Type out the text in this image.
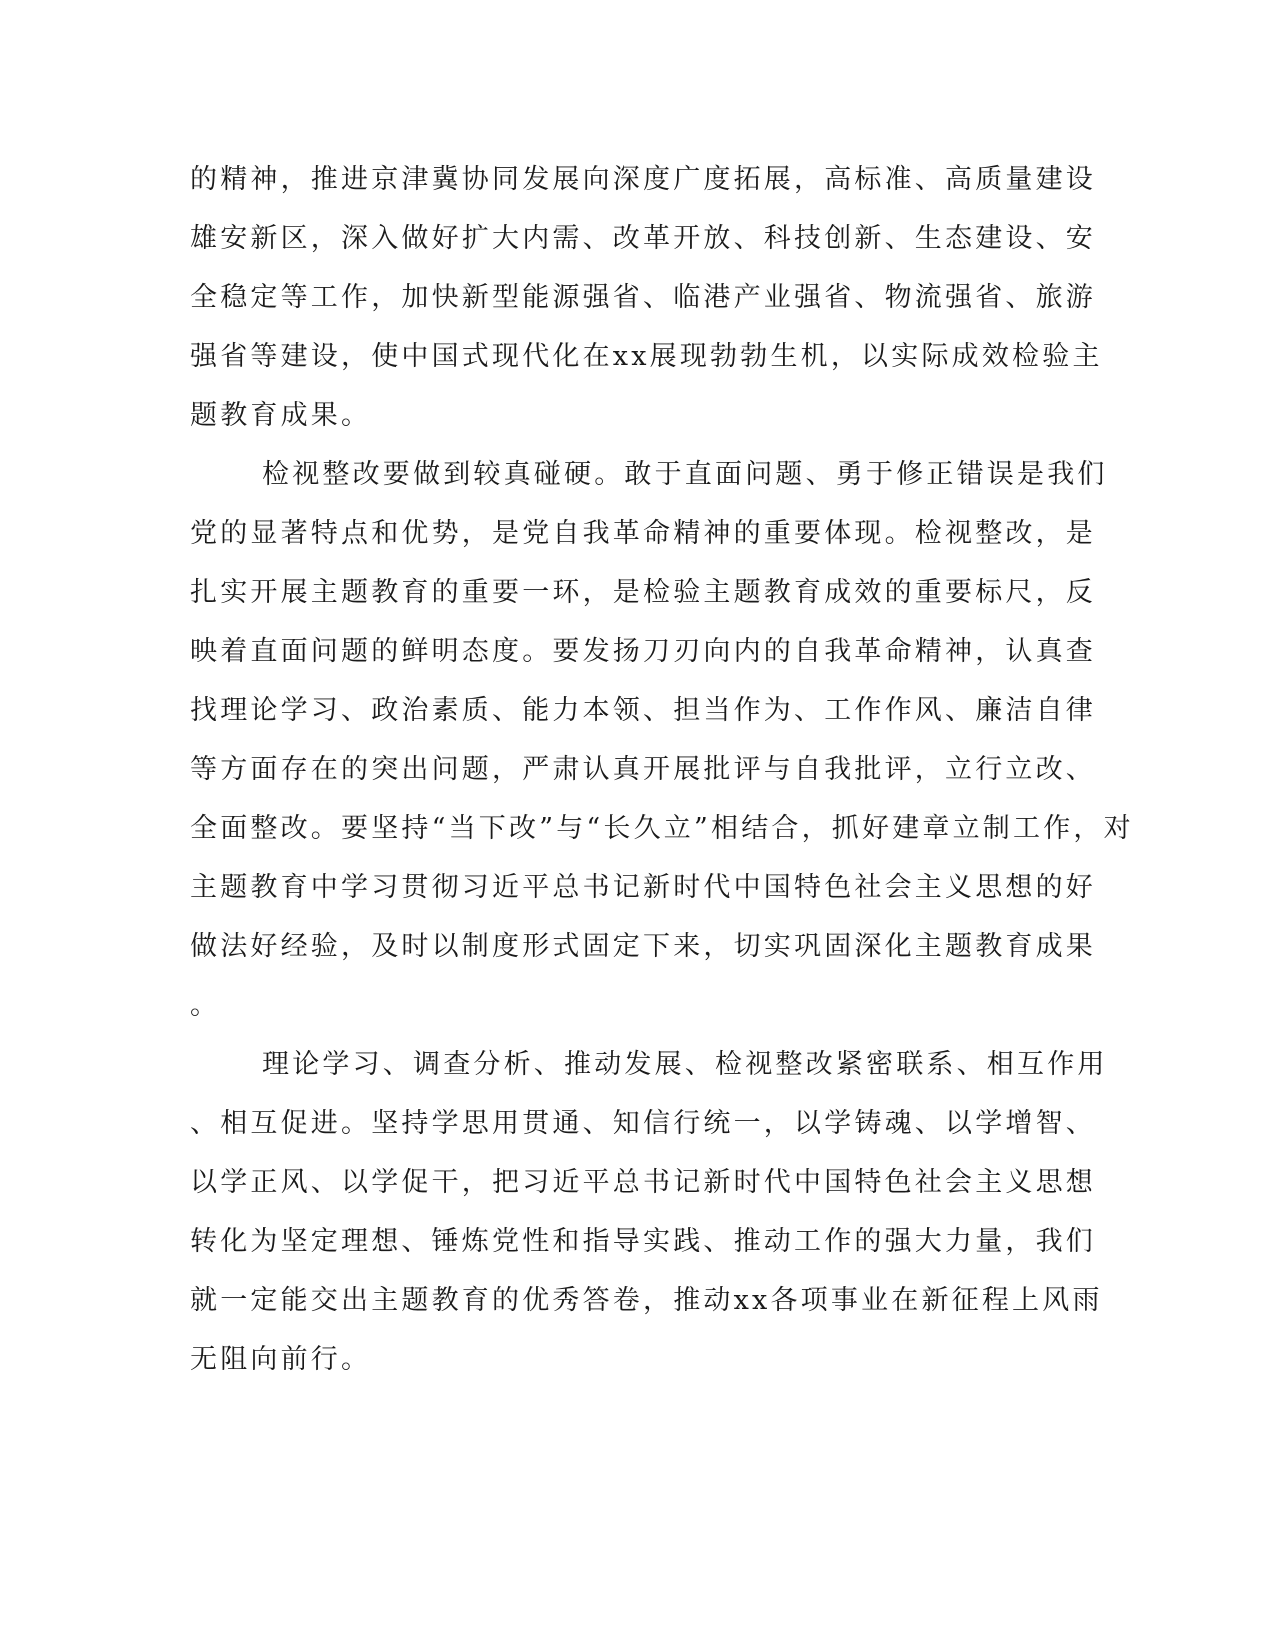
的精神，推进京津冀协同发展向深度广度拓展，高标准、高质量建设
雄安新区，深入做好扩大内需、改革开放、科技创新、生态建设、安
全稳定等工作，加快新型能源强省、临港产业强省、物流强省、旅游
强省等建设，使中国式现代化在xx展现勃勃生机，以实际成效检验主
题教育成果。
检视整改要做到较真碰硬。敢于直面问题、勇于修正错误是我们
党的显著特点和优势，是党自我革命精神的重要体现。检视整改，是
扎实开展主题教育的重要一环，是检验主题教育成效的重要标尺，反
映着直面问题的鲜明态度。要发扬刀刃向内的自我革命精神，认真查
找理论学习、政治素质、能力本领、担当作为、工作作风、廉洁自律
等方面存在的突出问题，严肃认真开展批评与自我批评，立行立改、
全面整改。要坚持“当下改”与“长久立”相结合，抓好建章立制工作，对
主题教育中学习贯彻习近平总书记新时代中国特色社会主义思想的好
做法好经验，及时以制度形式固定下来，切实巩固深化主题教育成果
。
理论学习、调查分析、推动发展、检视整改紧密联系、相互作用
、相互促进。坚持学思用贯通、知信行统一，以学铸魂、以学增智、
以学正风、以学促干，把习近平总书记新时代中国特色社会主义思想
转化为坚定理想、锤炼党性和指导实践、推动工作的强大力量，我们
就一定能交出主题教育的优秀答卷，推动xx各项事业在新征程上风雨
无阻向前行。
